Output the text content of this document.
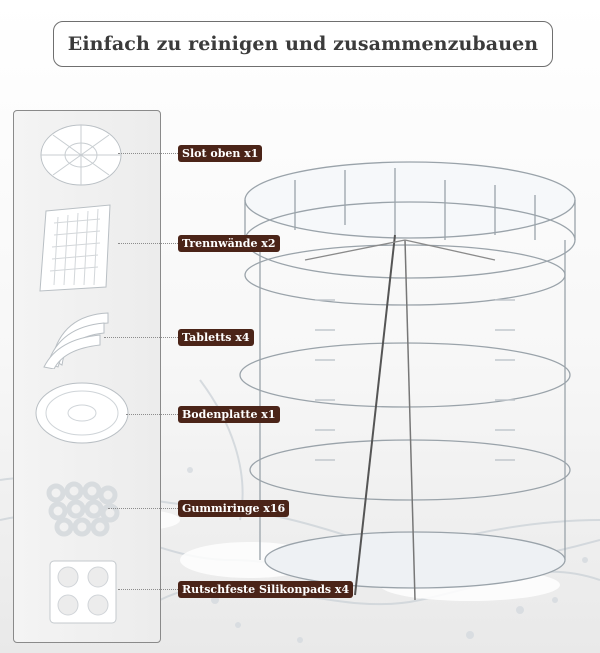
Einfach zu reinigen und zusammenzubauen
Slot oben x1
Trennwände x2
Tabletts x4
Bodenplatte x1
Gummiringe x16
Rutschfeste Silikonpads x4
